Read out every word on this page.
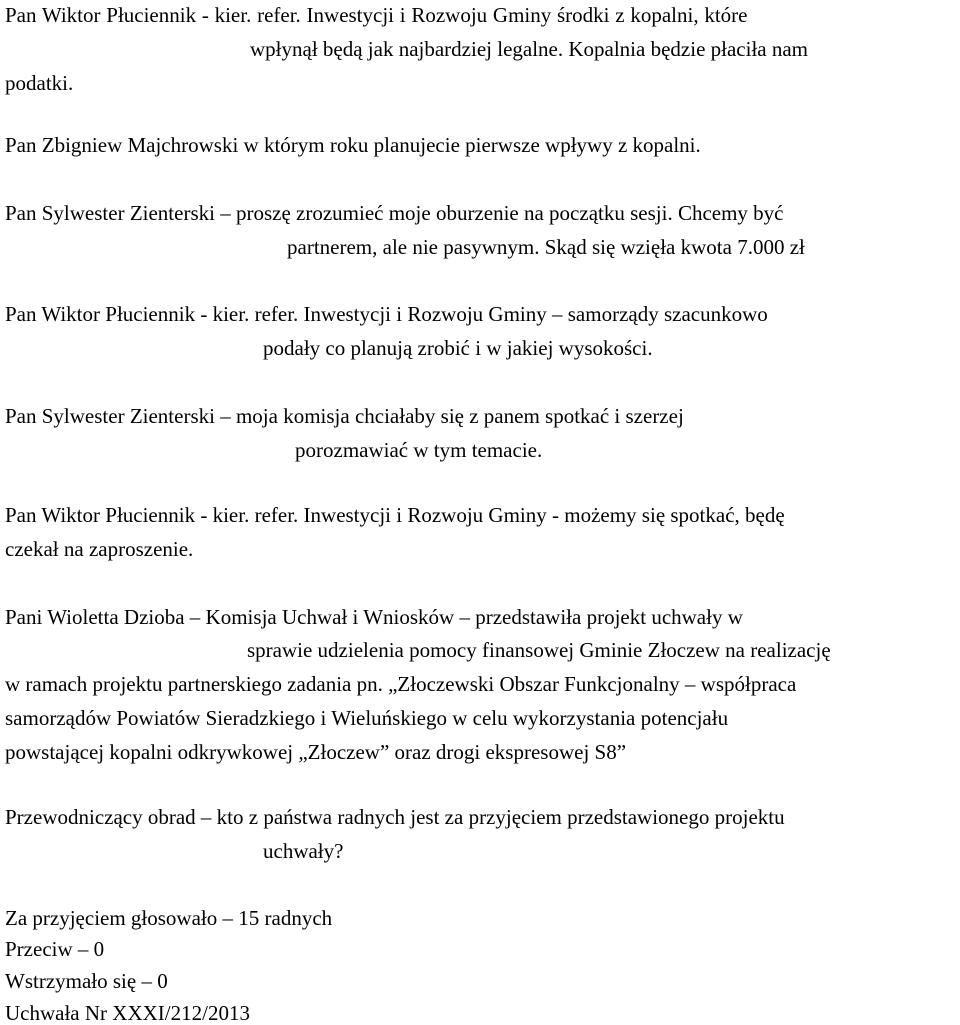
Pan Wiktor Płuciennik - kier. refer. Inwestycji i Rozwoju Gminy środki z kopalni, które

wpłynął będą jak najbardziej legalne. Kopalnia będzie płaciła nam

podatki.

Pan Zbigniew Majchrowski w którym roku planujecie pierwsze wpływy z kopalni.

Pan Sylwester Zienterski – proszę zrozumieć moje oburzenie na początku sesji. Chcemy być

partnerem, ale nie pasywnym. Skąd się wzięła kwota 7.000 zł

Pan Wiktor Płuciennik - kier. refer. Inwestycji i Rozwoju Gminy – samorządy szacunkowo

podały co planują zrobić i w jakiej wysokości.

Pan Sylwester Zienterski – moja komisja chciałaby się z panem spotkać i szerzej

porozmawiać w tym temacie.

Pan Wiktor Płuciennik - kier. refer. Inwestycji i Rozwoju Gminy - możemy się spotkać, będę

czekał na zaproszenie.

Pani Wioletta Dzioba – Komisja Uchwał i Wniosków – przedstawiła projekt uchwały w

sprawie udzielenia pomocy finansowej Gminie Złoczew na realizację

w ramach projektu partnerskiego zadania pn. „Złoczewski Obszar Funkcjonalny – współpraca

samorządów Powiatów Sieradzkiego i Wieluńskiego w celu wykorzystania potencjału

powstającej kopalni odkrywkowej „Złoczew” oraz drogi ekspresowej S8”

Przewodniczący obrad – kto z państwa radnych jest za przyjęciem przedstawionego projektu

uchwały?

Za przyjęciem głosowało – 15 radnych

Przeciw – 0

Wstrzymało się – 0

Uchwała Nr XXXI/212/2013
